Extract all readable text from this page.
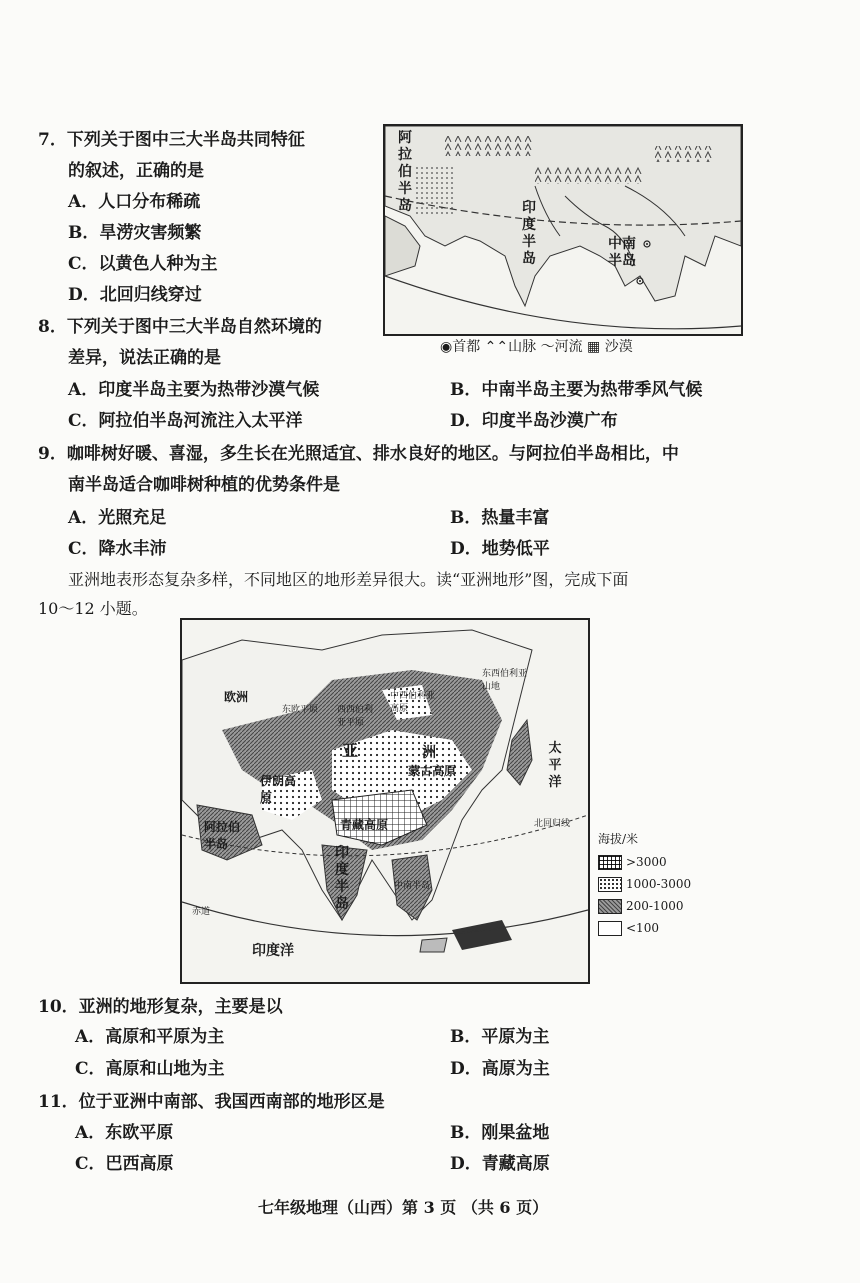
7．下列关于图中三大半岛共同特征
的叙述，正确的是
A．人口分布稀疏
B．旱涝灾害频繁
C．以黄色人种为主
D．北回归线穿过
阿拉伯半岛	印度半岛
中南半岛
◉首都 ⌃⌃山脉 〜河流 ▦ 沙漠
8．下列关于图中三大半岛自然环境的
差异，说法正确的是
A．印度半岛主要为热带沙漠气候	B．中南半岛主要为热带季风气候
C．阿拉伯半岛河流注入太平洋	D．印度半岛沙漠广布
9．咖啡树好暖、喜湿，多生长在光照适宜、排水良好的地区。与阿拉伯半岛相比，中
南半岛适合咖啡树种植的优势条件是
A．光照充足	B．热量丰富
C．降水丰沛	D．地势低平
亚洲地表形态复杂多样，不同地区的地形差异很大。读“亚洲地形”图，完成下面
10～12 小题。
欧洲
东欧平原
东西伯利亚山地
中西伯利亚高原
西西伯利亚平原
亚	洲
蒙古高原
伊朗高原
阿拉伯半岛
青藏高原
印度半岛
中南半岛
太平洋
北回归线
赤道
印度洋
海拔/米
>3000
1000-3000
200-1000
<100
10．亚洲的地形复杂，主要是以
A．高原和平原为主	B．平原为主
C．高原和山地为主	D．高原为主
11．位于亚洲中南部、我国西南部的地形区是
A．东欧平原	B．刚果盆地
C．巴西高原	D．青藏高原
七年级地理（山西）第 3 页 （共 6 页）
